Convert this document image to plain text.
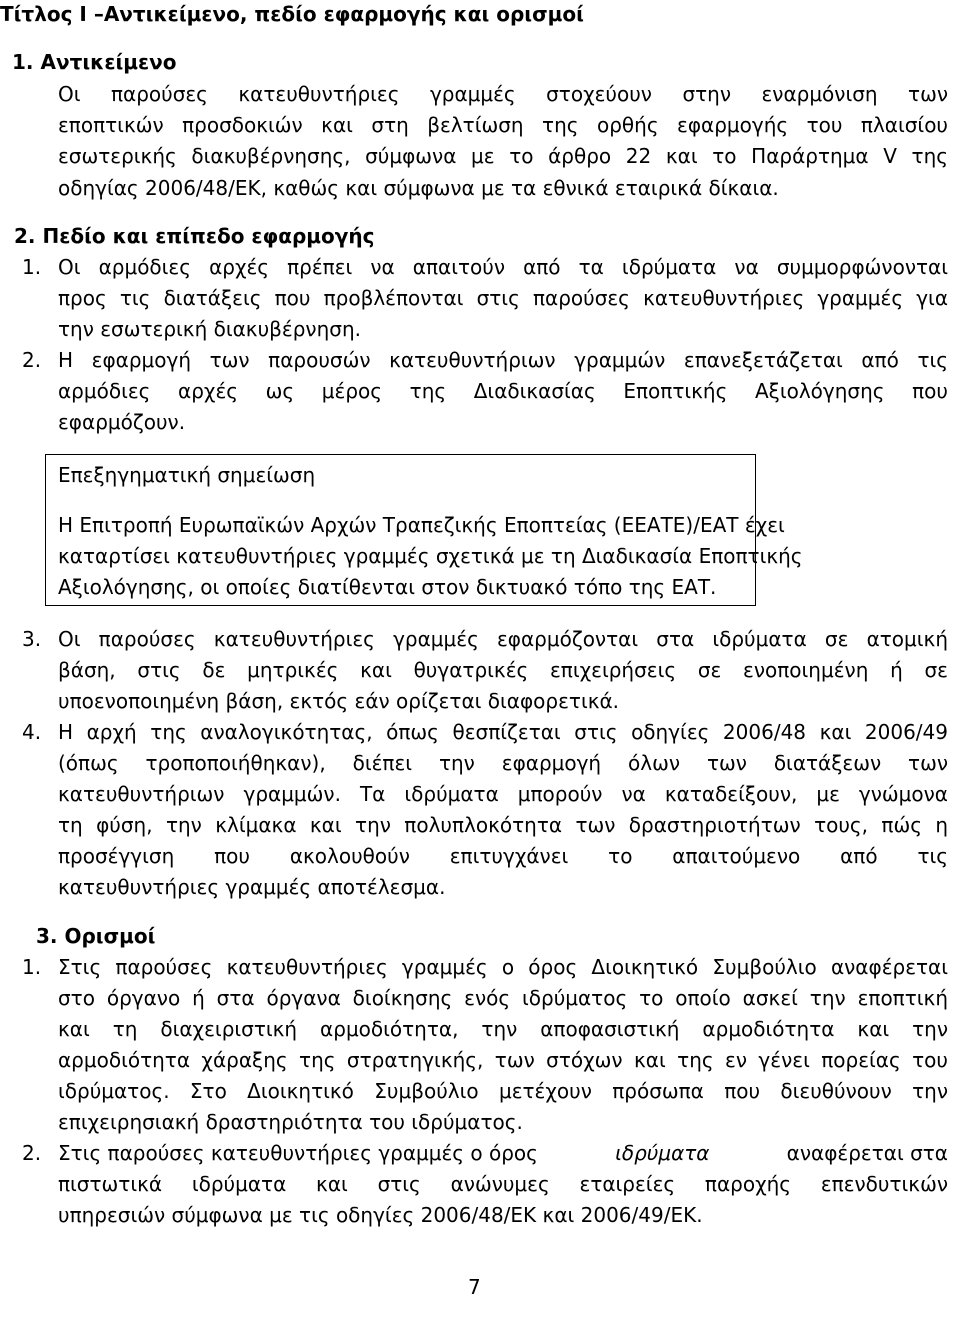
Τίτλος Ι –Αντικείμενο, πεδίο εφαρμογής και ορισμοί
1. Αντικείμενο
Οι παρούσες κατευθυντήριες γραμμές στοχεύουν στην εναρμόνιση των
εποπτικών προσδοκιών και στη βελτίωση της ορθής εφαρμογής του πλαισίου
εσωτερικής διακυβέρνησης, σύμφωνα με το άρθρο 22 και το Παράρτημα V της
οδηγίας 2006/48/ΕΚ, καθώς και σύμφωνα με τα εθνικά εταιρικά δίκαια.
2. Πεδίο και επίπεδο εφαρμογής
1. Οι αρμόδιες αρχές πρέπει να απαιτούν από τα ιδρύματα να συμμορφώνονται
προς τις διατάξεις που προβλέπονται στις παρούσες κατευθυντήριες γραμμές για
την εσωτερική διακυβέρνηση.
2. Η εφαρμογή των παρουσών κατευθυντήριων γραμμών επανεξετάζεται από τις
αρμόδιες αρχές ως μέρος της Διαδικασίας Εποπτικής Αξιολόγησης που
εφαρμόζουν.
Επεξηγηματική σημείωση
Η Επιτροπή Ευρωπαϊκών Αρχών Τραπεζικής Εποπτείας (ΕΕΑΤΕ)/ΕΑΤ έχει
καταρτίσει κατευθυντήριες γραμμές σχετικά με τη Διαδικασία Εποπτικής
Αξιολόγησης, οι οποίες διατίθενται στον δικτυακό τόπο της ΕΑΤ.
3. Οι παρούσες κατευθυντήριες γραμμές εφαρμόζονται στα ιδρύματα σε ατομική
βάση, στις δε μητρικές και θυγατρικές επιχειρήσεις σε ενοποιημένη ή σε
υποενοποιημένη βάση, εκτός εάν ορίζεται διαφορετικά.
4. Η αρχή της αναλογικότητας, όπως θεσπίζεται στις οδηγίες 2006/48 και 2006/49
(όπως τροποποιήθηκαν), διέπει την εφαρμογή όλων των διατάξεων των
κατευθυντήριων γραμμών. Τα ιδρύματα μπορούν να καταδείξουν, με γνώμονα
τη φύση, την κλίμακα και την πολυπλοκότητα των δραστηριοτήτων τους, πώς η
προσέγγιση που ακολουθούν επιτυγχάνει το απαιτούμενο από τις
κατευθυντήριες γραμμές αποτέλεσμα.
3. Ορισμοί
1. Στις παρούσες κατευθυντήριες γραμμές ο όρος Διοικητικό Συμβούλιο αναφέρεται
στο όργανο ή στα όργανα διοίκησης ενός ιδρύματος το οποίο ασκεί την εποπτική
και τη διαχειριστική αρμοδιότητα, την αποφασιστική αρμοδιότητα και την
αρμοδιότητα χάραξης της στρατηγικής, των στόχων και της εν γένει πορείας του
ιδρύματος. Στο Διοικητικό Συμβούλιο μετέχουν πρόσωπα που διευθύνουν την
επιχειρησιακή δραστηριότητα του ιδρύματος.
2. Στις παρούσες κατευθυντήριες γραμμές ο όρος	ιδρύματα	αναφέρεται στα
πιστωτικά ιδρύματα και στις ανώνυμες εταιρείες παροχής επενδυτικών
υπηρεσιών σύμφωνα με τις οδηγίες 2006/48/ΕΚ και 2006/49/ΕΚ.
7
